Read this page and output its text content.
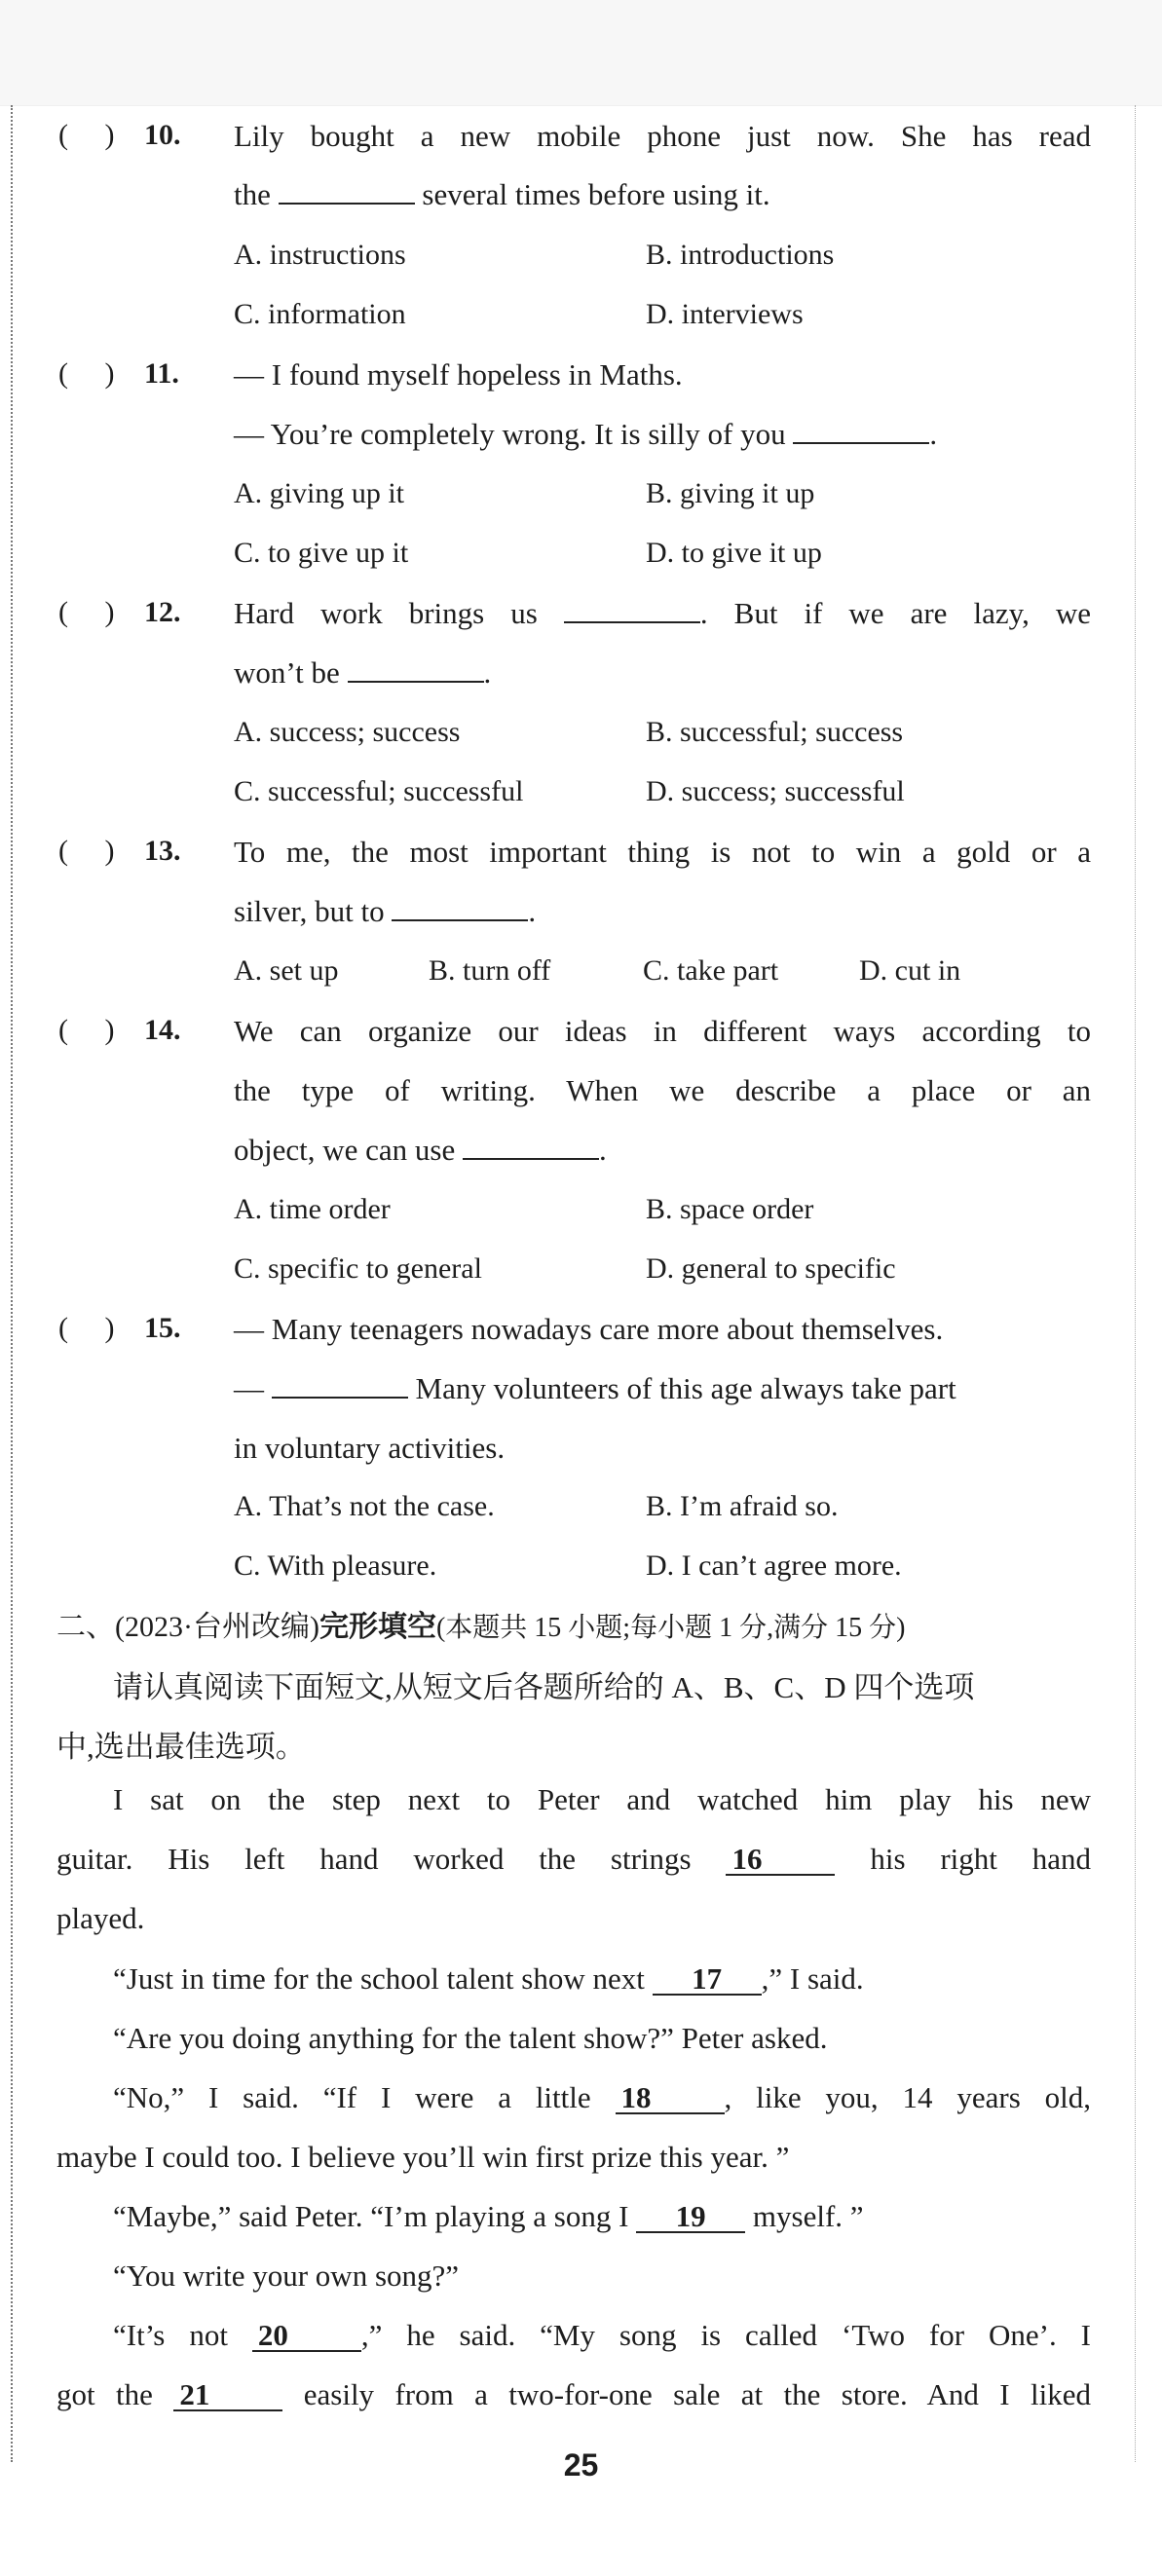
(     ) 10. Lily bought a new mobile phone just now. She has read
the	several times before using it.
A. instructions	B. introductions
C. information	D. interviews
(     ) 11. — I found myself hopeless in Maths.
— You’re completely wrong. It is silly of you	.
A. giving up it	B. giving it up
C. to give up it	D. to give it up
(     ) 12. Hard work brings us	. But if we are lazy, we
won’t be	.
A. success; success	B. successful; success
C. successful; successful	D. success; successful
(     ) 13. To me, the most important thing is not to win a gold or a
silver, but to	.
A. set up	B. turn off	C. take part	D. cut in
(     ) 14. We can organize our ideas in different ways according to
the type of writing. When we describe a place or an
object, we can use	.
A. time order	B. space order
C. specific to general	D. general to specific
(     ) 15. — Many teenagers nowadays care more about themselves.
—	Many volunteers of this age always take part
in voluntary activities.
A. That’s not the case.	B. I’m afraid so.
C. With pleasure.	D. I can’t agree more.
二、(2023·台州改编)完形填空(本题共 15 小题;每小题 1 分,满分 15 分)
请认真阅读下面短文,从短文后各题所给的 A、B、C、D 四个选项
中,选出最佳选项。
I sat on the step next to Peter and watched him play his new
guitar. His left hand worked the strings 16	his right hand
played.
“Just in time for the school talent show next 17 ,” I said.
“Are you doing anything for the talent show?” Peter asked.
“No,” I said. “If I were a little 18 , like you, 14 years old,
maybe I could too. I believe you’ll win first prize this year. ”
“Maybe,” said Peter. “I’m playing a song I 19 myself. ”
“You write your own song?”
“It’s not 20 ,” he said. “My song is called ‘Two for One’. I
got the 21	easily from a two-for-one sale at the store. And I liked
25
